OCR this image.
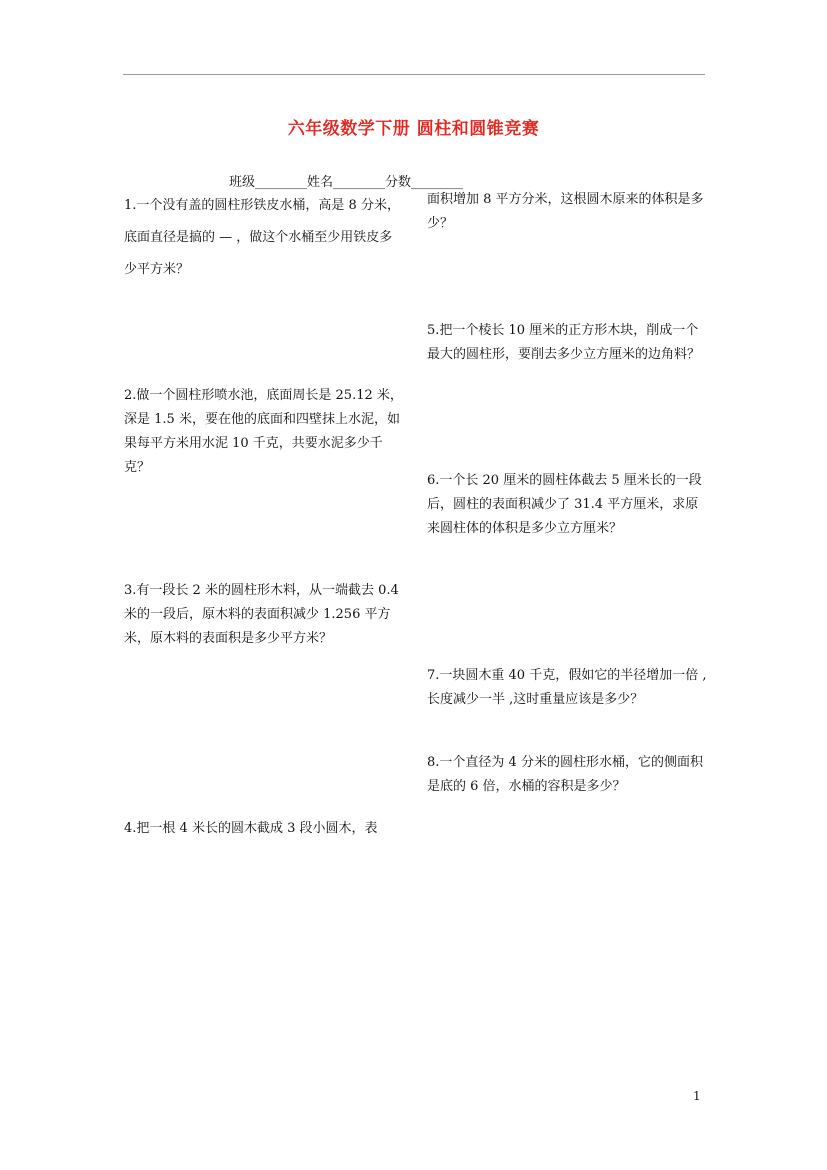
六年级数学下册 圆柱和圆锥竞赛
班级________姓名________分数________
1.一个没有盖的圆柱形铁皮水桶，高是 8 分米，底面直径是搞的 — ，做这个水桶至少用铁皮多少平方米？
2.做一个圆柱形喷水池，底面周长是 25.12 米，深是 1.5 米，要在他的底面和四壁抹上水泥，如果每平方米用水泥 10 千克，共要水泥多少千克？
3.有一段长 2 米的圆柱形木料，从一端截去 0.4　米的一段后，原木料的表面积减少 1.256 平方米，原木料的表面积是多少平方米？
4.把一根 4 米长的圆木截成 3 段小圆木，表
面积增加 8 平方分米，这根圆木原来的体积是多少？
5.把一个棱长 10 厘米的正方形木块，削成一个最大的圆柱形，要削去多少立方厘米的边角料？
6.一个长 20 厘米的圆柱体截去 5 厘米长的一段后，圆柱的表面积减少了 31.4 平方厘米，求原来圆柱体的体积是多少立方厘米？
7.一块圆木重 40 千克，假如它的半径增加一倍 ,长度减少一半 ,这时重量应该是多少？
8.一个直径为 4 分米的圆柱形水桶，它的侧面积是底的 6 倍，水桶的容积是多少？
1
